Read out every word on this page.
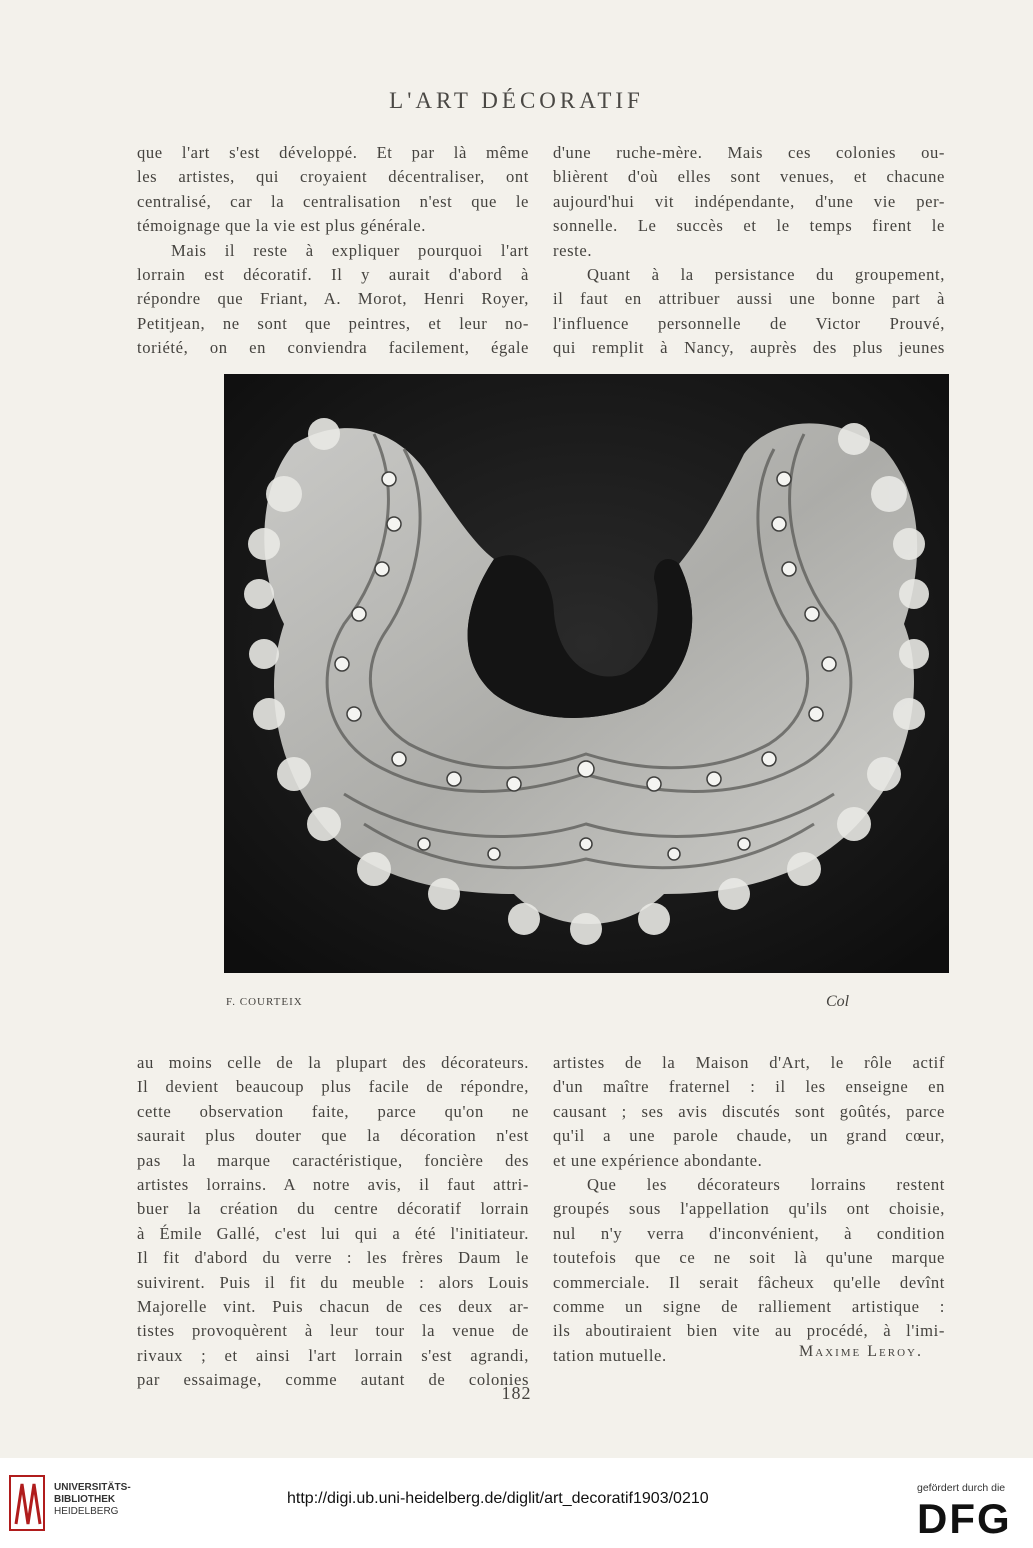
L'ART DÉCORATIF

que l'art s'est développé. Et par là même

les artistes, qui croyaient décentraliser, ont

centralisé, car la centralisation n'est que le

témoignage que la vie est plus générale.

Mais il reste à expliquer pourquoi l'art

lorrain est décoratif. Il y aurait d'abord à

répondre que Friant, A. Morot, Henri Royer,

Petitjean, ne sont que peintres, et leur no-

toriété, on en conviendra facilement, égale

d'une ruche-mère. Mais ces colonies ou-

blièrent d'où elles sont venues, et chacune

aujourd'hui vit indépendante, d'une vie per-

sonnelle. Le succès et le temps firent le

reste.

Quant à la persistance du groupement,

il faut en attribuer aussi une bonne part à

l'influence personnelle de Victor Prouvé,

qui remplit à Nancy, auprès des plus jeunes

F. COURTEIX	Col

au moins celle de la plupart des décorateurs.

Il devient beaucoup plus facile de répondre,

cette observation faite, parce qu'on ne

saurait plus douter que la décoration n'est

pas la marque caractéristique, foncière des

artistes lorrains. A notre avis, il faut attri-

buer la création du centre décoratif lorrain

à Émile Gallé, c'est lui qui a été l'initiateur.

Il fit d'abord du verre : les frères Daum le

suivirent. Puis il fit du meuble : alors Louis

Majorelle vint. Puis chacun de ces deux ar-

tistes provoquèrent à leur tour la venue de

rivaux ; et ainsi l'art lorrain s'est agrandi,

par essaimage, comme autant de colonies

artistes de la Maison d'Art, le rôle actif

d'un maître fraternel : il les enseigne en

causant ; ses avis discutés sont goûtés, parce

qu'il a une parole chaude, un grand cœur,

et une expérience abondante.

Que les décorateurs lorrains restent

groupés sous l'appellation qu'ils ont choisie,

nul n'y verra d'inconvénient, à condition

toutefois que ce ne soit là qu'une marque

commerciale. Il serait fâcheux qu'elle devînt

comme un signe de ralliement artistique :

ils aboutiraient bien vite au procédé, à l'imi-

tation mutuelle.	Maxime Leroy.
182
UNIVERSITÄTS-
BIBLIOTHEK
HEIDELBERG
http://digi.ub.uni-heidelberg.de/diglit/art_decoratif1903/0210
gefördert durch die
DFG
